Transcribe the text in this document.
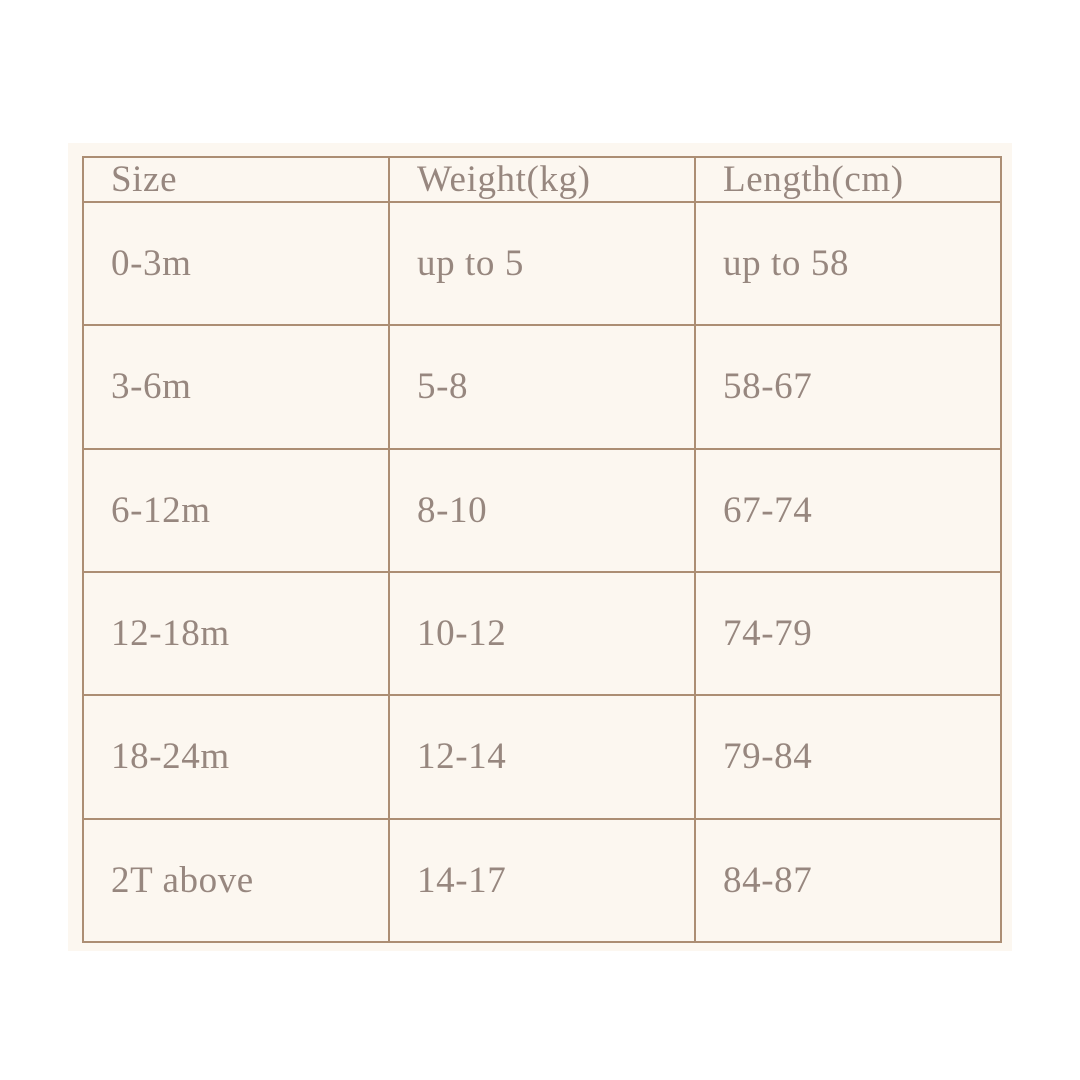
Size	Weight(kg)	Length(cm)
0-3m	up to 5	up to 58
3-6m	5-8	58-67
6-12m	8-10	67-74
12-18m	10-12	74-79
18-24m	12-14	79-84
2T above	14-17	84-87
